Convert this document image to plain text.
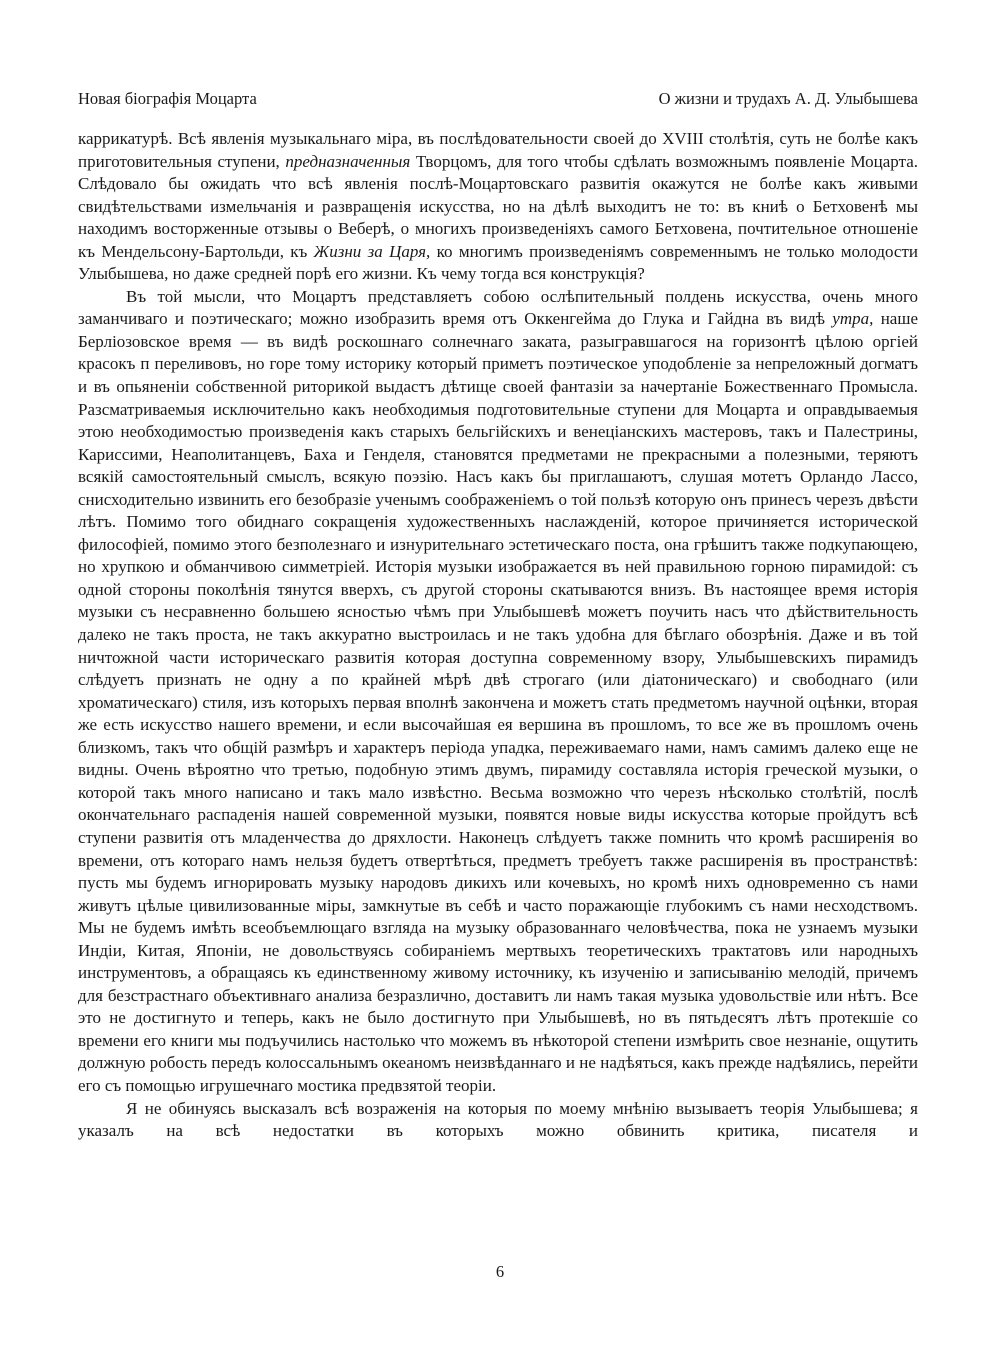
Новая біографія Моцарта	О жизни и трудахъ А. Д. Улыбышева

каррикатурѣ. Всѣ явленія музыкальнаго міра, въ послѣдовательности своей до XVIII столѣтія, суть не болѣе какъ приготовительныя ступени, предназначенныя Творцомъ, для того чтобы сдѣлать возможнымъ появленіе Моцарта. Слѣдовало бы ожидать что всѣ явленія послѣ-Моцартовскаго развитія окажутся не болѣе какъ живыми свидѣтельствами измельчанія и развращенія искусства, но на дѣлѣ выходитъ не то: въ книѣ о Бетховенѣ мы находимъ восторженные отзывы о Веберѣ, о многихъ произведеніяхъ самого Бетховена, почтительное отношеніе къ Мендельсону-Бартольди, къ Жизни за Царя, ко многимъ произведеніямъ современнымъ не только молодости Улыбышева, но даже средней порѣ его жизни. Къ чему тогда вся конструкція?

Въ той мысли, что Моцартъ представляетъ собою ослѣпительный полдень искусства, очень много заманчиваго и поэтическаго; можно изобразить время отъ Оккенгейма до Глука и Гайдна въ видѣ утра, наше Берліозовское время — въ видѣ роскошнаго солнечнаго заката, разыгравшагося на горизонтѣ цѣлою оргіей красокъ п переливовъ, но горе тому историку который приметъ поэтическое уподобленіе за непреложный догматъ и въ опьяненіи собственной риторикой выдастъ дѣтище своей фантазіи за начертаніе Божественнаго Промысла. Разсматриваемыя исключительно какъ необходимыя подготовительные ступени для Моцарта и оправдываемыя этою необходимостью произведенія какъ старыхъ бельгійскихъ и венеціанскихъ мастеровъ, такъ и Палестрины, Кариссими, Неаполитанцевъ, Баха и Генделя, становятся предметами не прекрасными а полезными, теряютъ всякій самостоятельный смыслъ, всякую поэзію. Насъ какъ бы приглашаютъ, слушая мотетъ Орландо Лассо, снисходительно извинить его безобразіе ученымъ соображеніемъ о той пользѣ которую онъ принесъ черезъ двѣсти лѣтъ. Помимо того обиднаго сокращенія художественныхъ наслажденій, которое причиняется исторической философіей, помимо этого безполезнаго и изнурительнаго эстетическаго поста, она грѣшитъ также подкупающею, но хрупкою и обманчивою симметріей. Исторія музыки изображается въ ней правильною горною пирамидой: съ одной стороны поколѣнія тянутся вверхъ, съ другой стороны скатываются внизъ. Въ настоящее время исторія музыки съ несравненно большею ясностью чѣмъ при Улыбышевѣ можетъ поучить насъ что дѣйствительность далеко не такъ проста, не такъ аккуратно выстроилась и не такъ удобна для бѣглаго обозрѣнія. Даже и въ той ничтожной части историческаго развитія которая доступна современному взору, Улыбышевскихъ пирамидъ слѣдуетъ признать не одну а по крайней мѣрѣ двѣ строгаго (или діатоническаго) и свободнаго (или хроматическаго) стиля, изъ которыхъ первая вполнѣ закончена и можетъ стать предметомъ научной оцѣнки, вторая же есть искусство нашего времени, и если высочайшая ея вершина въ прошломъ, то все же въ прошломъ очень близкомъ, такъ что общій размѣръ и характеръ періода упадка, переживаемаго нами, намъ самимъ далеко еще не видны. Очень вѣроятно что третью, подобную этимъ двумъ, пирамиду составляла исторія греческой музыки, о которой такъ много написано и такъ мало извѣстно. Весьма возможно что черезъ нѣсколько столѣтій, послѣ окончательнаго распаденія нашей современной музыки, появятся новые виды искусства которые пройдутъ всѣ ступени развитія отъ младенчества до дряхлости. Наконецъ слѣдуетъ также помнить что кромѣ расширенія во времени, отъ котораго намъ нельзя будетъ отвертѣться, предметъ требуетъ также расширенія въ пространствѣ: пусть мы будемъ игнорировать музыку народовъ дикихъ или кочевыхъ, но кромѣ нихъ одновременно съ нами живутъ цѣлые цивилизованные міры, замкнутые въ себѣ и часто поражающіе глубокимъ съ нами несходствомъ. Мы не будемъ имѣть всеобъемлющаго взгляда на музыку образованнаго человѣчества, пока не узнаемъ музыки Индіи, Китая, Японіи, не довольствуясь собираніемъ мертвыхъ теоретическихъ трактатовъ или народныхъ инструментовъ, а обращаясь къ единственному живому источнику, къ изученію и записыванію мелодій, причемъ для безстрастнаго объективнаго анализа безразлично, доставитъ ли намъ такая музыка удовольствіе или нѣтъ. Все это не достигнуто и теперь, какъ не было достигнуто при Улыбышевѣ, но въ пятьдесятъ лѣтъ протекшіе со времени его книги мы подъучились настолько что можемъ въ нѣкоторой степени измѣрить свое незнаніе, ощутить должную робость передъ колоссальнымъ океаномъ неизвѣданнаго и не надѣяться, какъ прежде надѣялись, перейти его съ помощью игрушечнаго мостика предвзятой теоріи.

Я не обинуясь высказалъ всѣ возраженія на которыя по моему мнѣнію вызываетъ теорія Улыбышева; я указалъ на всѣ недостатки въ которыхъ можно обвинить критика, писателя и

6
